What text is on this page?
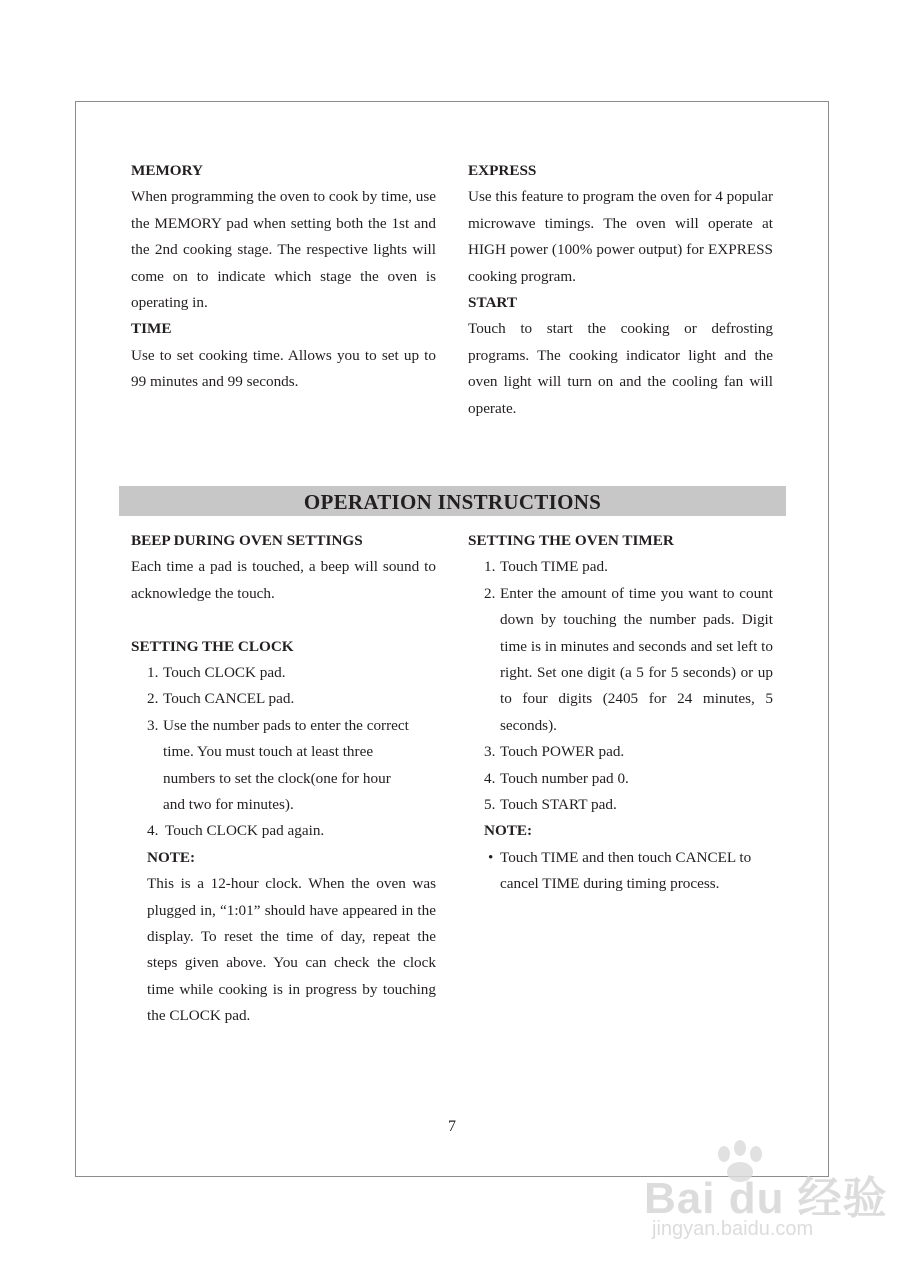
MEMORY

When programming the oven to cook by time, use the MEMORY pad when setting both the 1st and the 2nd cooking stage. The respective lights will come on to indicate which stage the oven is operating in.

TIME

Use to set cooking time. Allows you to set up to 99 minutes and 99 seconds.

EXPRESS

Use this feature to program the oven for 4 popular microwave timings. The oven will operate at HIGH power (100% power output) for EXPRESS cooking program.

START

Touch to start the cooking or defrosting programs. The cooking indicator light and the oven light will turn on and the cooling fan will operate.

OPERATION INSTRUCTIONS
BEEP DURING OVEN SETTINGS

Each time a pad is touched, a beep will sound to acknowledge the touch.

SETTING THE CLOCK
1. Touch CLOCK pad.
2. Touch CANCEL pad.
3. Use the number pads to enter the correct time. You must touch at least three numbers to set the clock(one for hour and two for minutes).
4. Touch CLOCK pad again.
NOTE:

This is a 12-hour clock. When the oven was plugged in, “1:01” should have appeared in the display. To reset the time of day, repeat the steps given above. You can check the clock time while cooking is in progress by touching the CLOCK pad.

SETTING THE OVEN TIMER
1. Touch TIME pad.
2. Enter the amount of time you want to count down by touching the number pads. Digit time is in minutes and seconds and set left to right. Set one digit (a 5 for 5 seconds) or up to four digits (2405 for 24 minutes, 5 seconds).
3. Touch POWER pad.
4. Touch number pad 0.
5. Touch START pad.
NOTE:
• Touch TIME and then touch CANCEL to cancel TIME during timing process.
7
Bai du 经验
jingyan.baidu.com
